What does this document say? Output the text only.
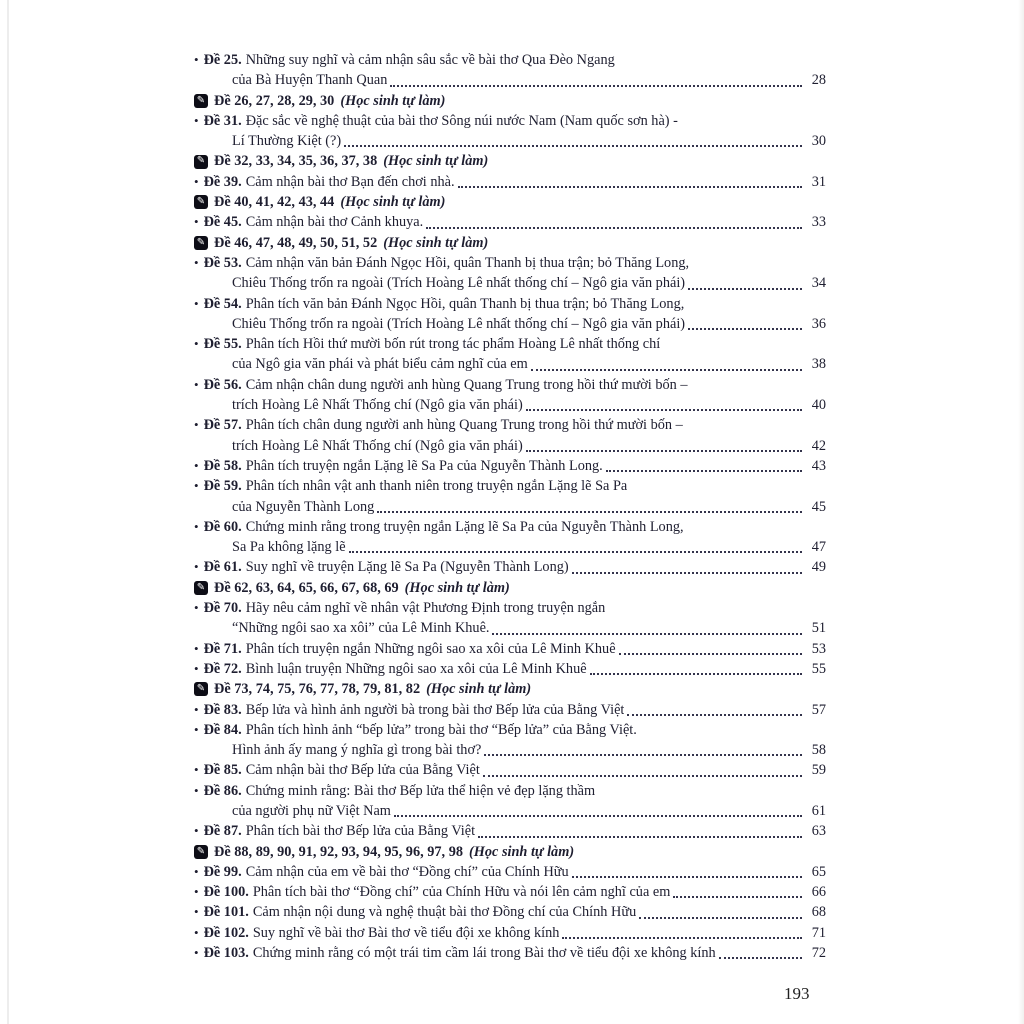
• Đề 25. Những suy nghĩ và cảm nhận sâu sắc về bài thơ Qua Đèo Ngang
của Bà Huyện Thanh Quan	28
✎ Đề 26, 27, 28, 29, 30 (Học sinh tự làm)
• Đề 31. Đặc sắc về nghệ thuật của bài thơ Sông núi nước Nam (Nam quốc sơn hà) -
Lí Thường Kiệt (?)	30
✎ Đề 32, 33, 34, 35, 36, 37, 38 (Học sinh tự làm)
• Đề 39. Cảm nhận bài thơ Bạn đến chơi nhà.	31
✎ Đề 40, 41, 42, 43, 44 (Học sinh tự làm)
• Đề 45. Cảm nhận bài thơ Cảnh khuya.	33
✎ Đề 46, 47, 48, 49, 50, 51, 52 (Học sinh tự làm)
• Đề 53. Cảm nhận văn bản Đánh Ngọc Hồi, quân Thanh bị thua trận; bỏ Thăng Long,
Chiêu Thống trốn ra ngoài (Trích Hoàng Lê nhất thống chí – Ngô gia văn phái)	34
• Đề 54. Phân tích văn bản Đánh Ngọc Hồi, quân Thanh bị thua trận; bỏ Thăng Long,
Chiêu Thống trốn ra ngoài (Trích Hoàng Lê nhất thống chí – Ngô gia văn phái)	36
• Đề 55. Phân tích Hồi thứ mười bốn rút trong tác phẩm Hoàng Lê nhất thống chí
của Ngô gia văn phái và phát biểu cảm nghĩ của em	38
• Đề 56. Cảm nhận chân dung người anh hùng Quang Trung trong hồi thứ mười bốn –
trích Hoàng Lê Nhất Thống chí (Ngô gia văn phái)	40
• Đề 57. Phân tích chân dung người anh hùng Quang Trung trong hồi thứ mười bốn –
trích Hoàng Lê Nhất Thống chí (Ngô gia văn phái)	42
• Đề 58. Phân tích truyện ngắn Lặng lẽ Sa Pa của Nguyễn Thành Long.	43
• Đề 59. Phân tích nhân vật anh thanh niên trong truyện ngắn Lặng lẽ Sa Pa
của Nguyễn Thành Long	45
• Đề 60. Chứng minh rằng trong truyện ngắn Lặng lẽ Sa Pa của Nguyễn Thành Long,
Sa Pa không lặng lẽ	47
• Đề 61. Suy nghĩ về truyện Lặng lẽ Sa Pa (Nguyễn Thành Long)	49
✎ Đề 62, 63, 64, 65, 66, 67, 68, 69 (Học sinh tự làm)
• Đề 70. Hãy nêu cảm nghĩ về nhân vật Phương Định trong truyện ngắn
“Những ngôi sao xa xôi” của Lê Minh Khuê.	51
• Đề 71. Phân tích truyện ngắn Những ngôi sao xa xôi của Lê Minh Khuê	53
• Đề 72. Bình luận truyện Những ngôi sao xa xôi của Lê Minh Khuê	55
✎ Đề 73, 74, 75, 76, 77, 78, 79, 81, 82 (Học sinh tự làm)
• Đề 83. Bếp lửa và hình ảnh người bà trong bài thơ Bếp lửa của Bằng Việt	57
• Đề 84. Phân tích hình ảnh “bếp lửa” trong bài thơ “Bếp lửa” của Bằng Việt.
Hình ảnh ấy mang ý nghĩa gì trong bài thơ?	58
• Đề 85. Cảm nhận bài thơ Bếp lửa của Bằng Việt	59
• Đề 86. Chứng minh rằng: Bài thơ Bếp lửa thể hiện vẻ đẹp lặng thầm
của người phụ nữ Việt Nam	61
• Đề 87. Phân tích bài thơ Bếp lửa của Bằng Việt	63
✎ Đề 88, 89, 90, 91, 92, 93, 94, 95, 96, 97, 98 (Học sinh tự làm)
• Đề 99. Cảm nhận của em về bài thơ “Đồng chí” của Chính Hữu	65
• Đề 100. Phân tích bài thơ “Đồng chí” của Chính Hữu và nói lên cảm nghĩ của em	66
• Đề 101. Cảm nhận nội dung và nghệ thuật bài thơ Đồng chí của Chính Hữu	68
• Đề 102. Suy nghĩ về bài thơ Bài thơ về tiểu đội xe không kính	71
• Đề 103. Chứng minh rằng có một trái tim cầm lái trong Bài thơ về tiểu đội xe không kính	72
193
